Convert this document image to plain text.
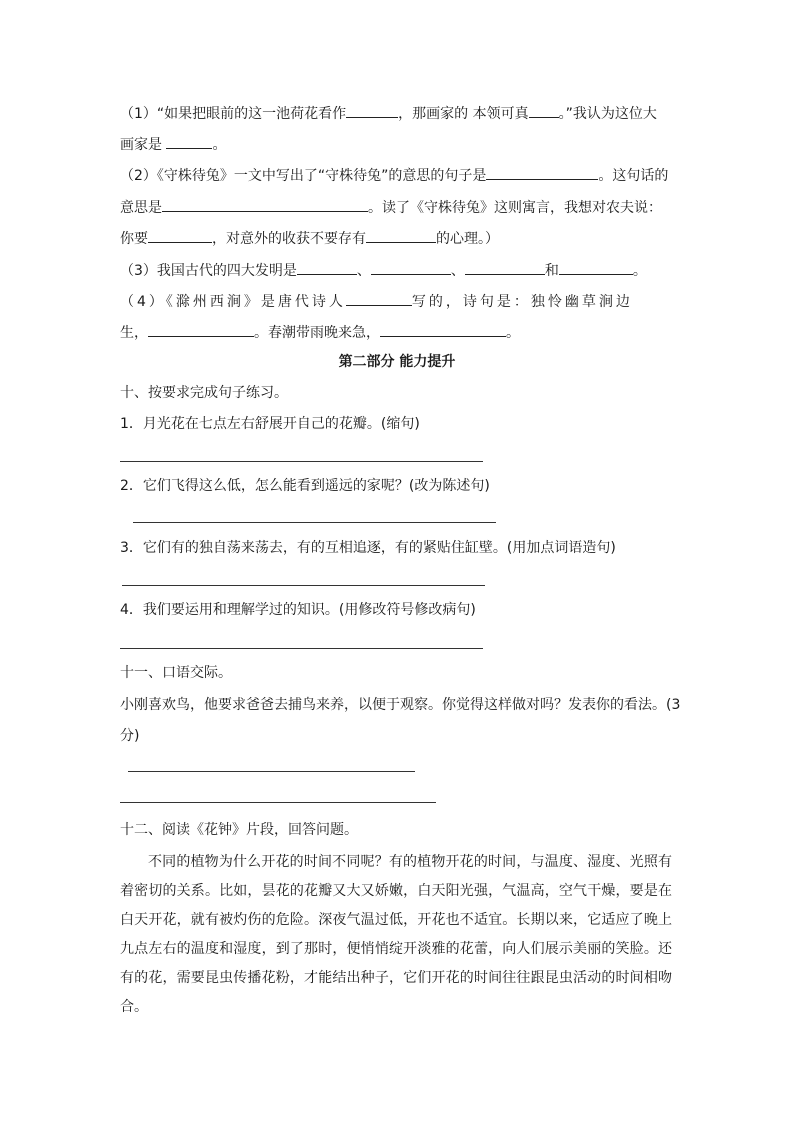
（1）“如果把眼前的这一池荷花看作	，那画家的 本领可真 。”我认为这位大
画家是	。
（2）《守株待兔》一文中写出了“守株待兔”的意思的句子是	。这句话的
意思是	。读了《守株待兔》这则寓言，我想对农夫说：
你要	，对意外的收获不要存有	的心理。）
（3）我国古代的四大发明是	、	、	和	。
（4）《滁州西涧》是唐代诗人	写的，诗句是：独怜幽草涧边
生，	。春潮带雨晚来急，	。
第二部分 能力提升
十、按要求完成句子练习。
1．月光花在七点左右舒展开自己的花瓣。(缩句)
2．它们飞得这么低，怎么能看到遥远的家呢？(改为陈述句)
3．它们有的独自荡来荡去，有的互相追逐，有的紧贴住缸壁。(用加点词语造句)
4．我们要运用和理解学过的知识。(用修改符号修改病句)
十一、口语交际。
小刚喜欢鸟，他要求爸爸去捕鸟来养，以便于观察。你觉得这样做对吗？发表你的看法。(3
分)
十二、阅读《花钟》片段，回答问题。
不同的植物为什么开花的时间不同呢？有的植物开花的时间，与温度、湿度、光照有着密切的关系。比如，昙花的花瓣又大又娇嫩，白天阳光强，气温高，空气干燥，要是在白天开花，就有被灼伤的危险。深夜气温过低，开花也不适宜。长期以来，它适应了晚上九点左右的温度和湿度，到了那时，便悄悄绽开淡雅的花蕾，向人们展示美丽的笑脸。还有的花，需要昆虫传播花粉，才能结出种子，它们开花的时间往往跟昆虫活动的时间相吻合。
